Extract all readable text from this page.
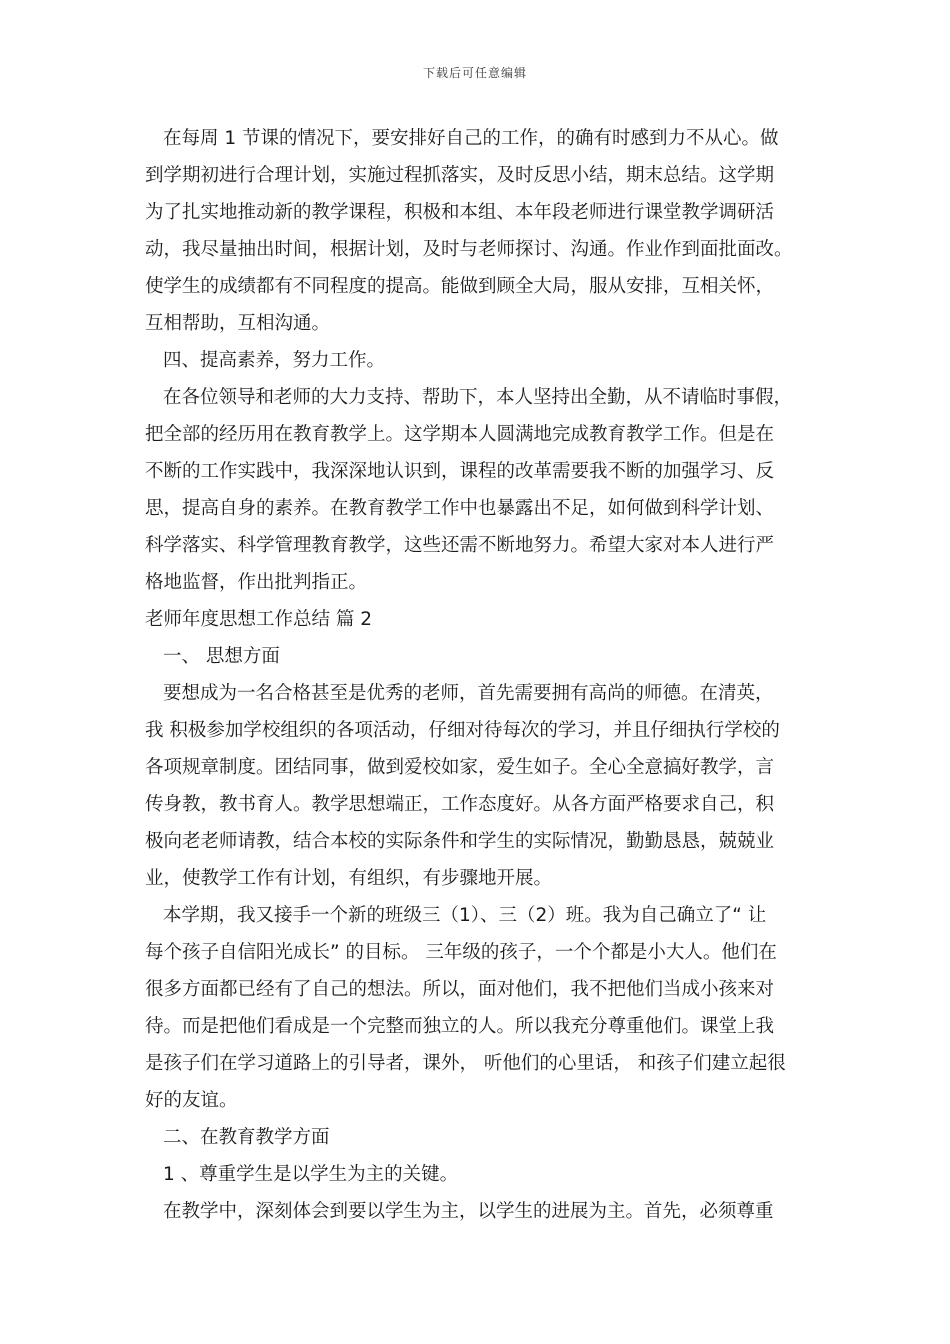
下载后可任意编辑
在每周 1 节课的情况下，要安排好自己的工作，的确有时感到力不从心。做
到学期初进行合理计划，实施过程抓落实，及时反思小结，期末总结。这学期
为了扎实地推动新的教学课程，积极和本组、本年段老师进行课堂教学调研活
动，我尽量抽出时间，根据计划，及时与老师探讨、沟通。作业作到面批面改。
使学生的成绩都有不同程度的提高。能做到顾全大局，服从安排，互相关怀，
互相帮助，互相沟通。
四、提高素养，努力工作。
在各位领导和老师的大力支持、帮助下，本人坚持出全勤，从不请临时事假，
把全部的经历用在教育教学上。这学期本人圆满地完成教育教学工作。但是在
不断的工作实践中，我深深地认识到，课程的改革需要我不断的加强学习、反
思，提高自身的素养。在教育教学工作中也暴露出不足，如何做到科学计划、
科学落实、科学管理教育教学，这些还需不断地努力。希望大家对本人进行严
格地监督，作出批判指正。
老师年度思想工作总结 篇 2
一、 思想方面
要想成为一名合格甚至是优秀的老师，首先需要拥有高尚的师德。在清英，
我 积极参加学校组织的各项活动，仔细对待每次的学习，并且仔细执行学校的
各项规章制度。团结同事，做到爱校如家，爱生如子。全心全意搞好教学，言
传身教，教书育人。教学思想端正，工作态度好。从各方面严格要求自己，积
极向老老师请教，结合本校的实际条件和学生的实际情况，勤勤恳恳，兢兢业
业，使教学工作有计划，有组织，有步骤地开展。
本学期，我又接手一个新的班级三（1）、三（2）班。我为自己确立了“ 让
每个孩子自信阳光成长” 的目标。 三年级的孩子，一个个都是小大人。他们在
很多方面都已经有了自己的想法。所以，面对他们，我不把他们当成小孩来对
待。而是把他们看成是一个完整而独立的人。所以我充分尊重他们。课堂上我
是孩子们在学习道路上的引导者，课外， 听他们的心里话， 和孩子们建立起很
好的友谊。
二、在教育教学方面
1 、尊重学生是以学生为主的关键。
在教学中，深刻体会到要以学生为主，以学生的进展为主。首先，必须尊重
